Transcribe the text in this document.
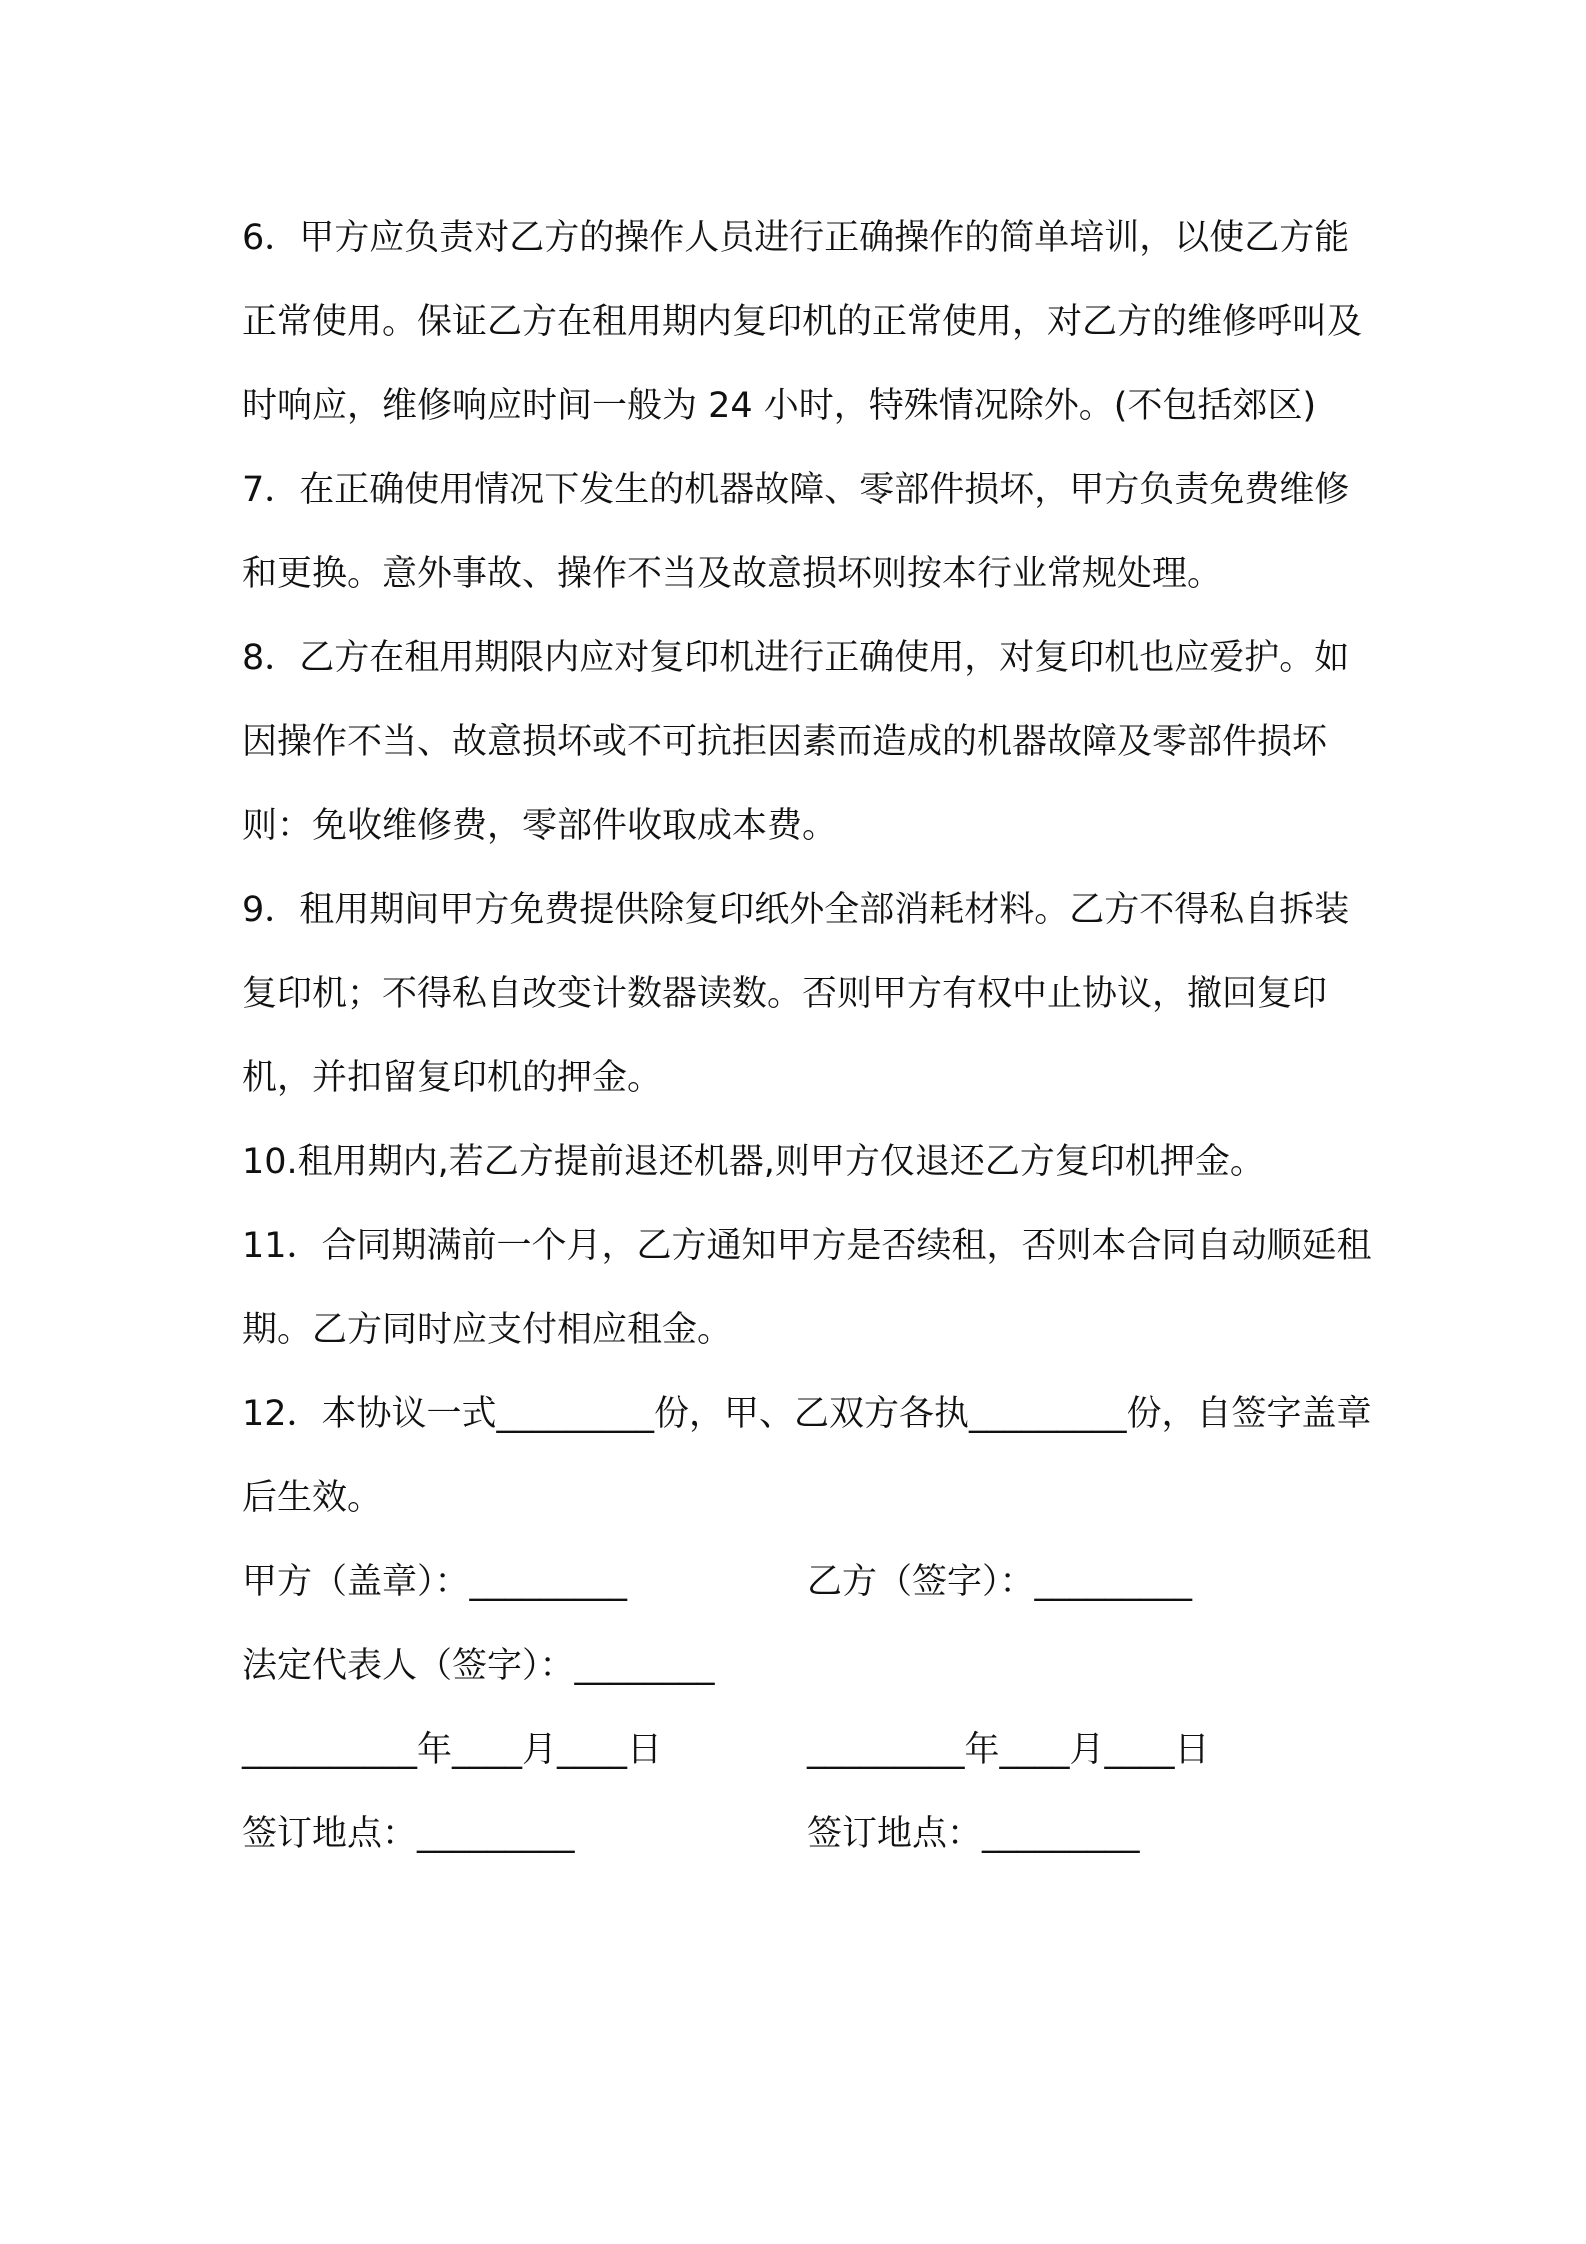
6．甲方应负责对乙方的操作人员进行正确操作的简单培训，以使乙方能正常使用。保证乙方在租用期内复印机的正常使用，对乙方的维修呼叫及时响应，维修响应时间一般为 24 小时，特殊情况除外。(不包括郊区)

7．在正确使用情况下发生的机器故障、零部件损坏，甲方负责免费维修和更换。意外事故、操作不当及故意损坏则按本行业常规处理。

8．乙方在租用期限内应对复印机进行正确使用，对复印机也应爱护。如因操作不当、故意损坏或不可抗拒因素而造成的机器故障及零部件损坏则：免收维修费，零部件收取成本费。

9．租用期间甲方免费提供除复印纸外全部消耗材料。乙方不得私自拆装复印机；不得私自改变计数器读数。否则甲方有权中止协议，撤回复印机，并扣留复印机的押金。

10.租用期内,若乙方提前退还机器,则甲方仅退还乙方复印机押金。

11．合同期满前一个月，乙方通知甲方是否续租，否则本合同自动顺延租期。乙方同时应支付相应租金。

12．本协议一式_________份，甲、乙双方各执_________份，自签字盖章后生效。

甲方（盖章）：_________	乙方（签字）：_________
法定代表人（签字）：________
__________年____月____日	_________年____月____日
签订地点：_________	签订地点：_________
